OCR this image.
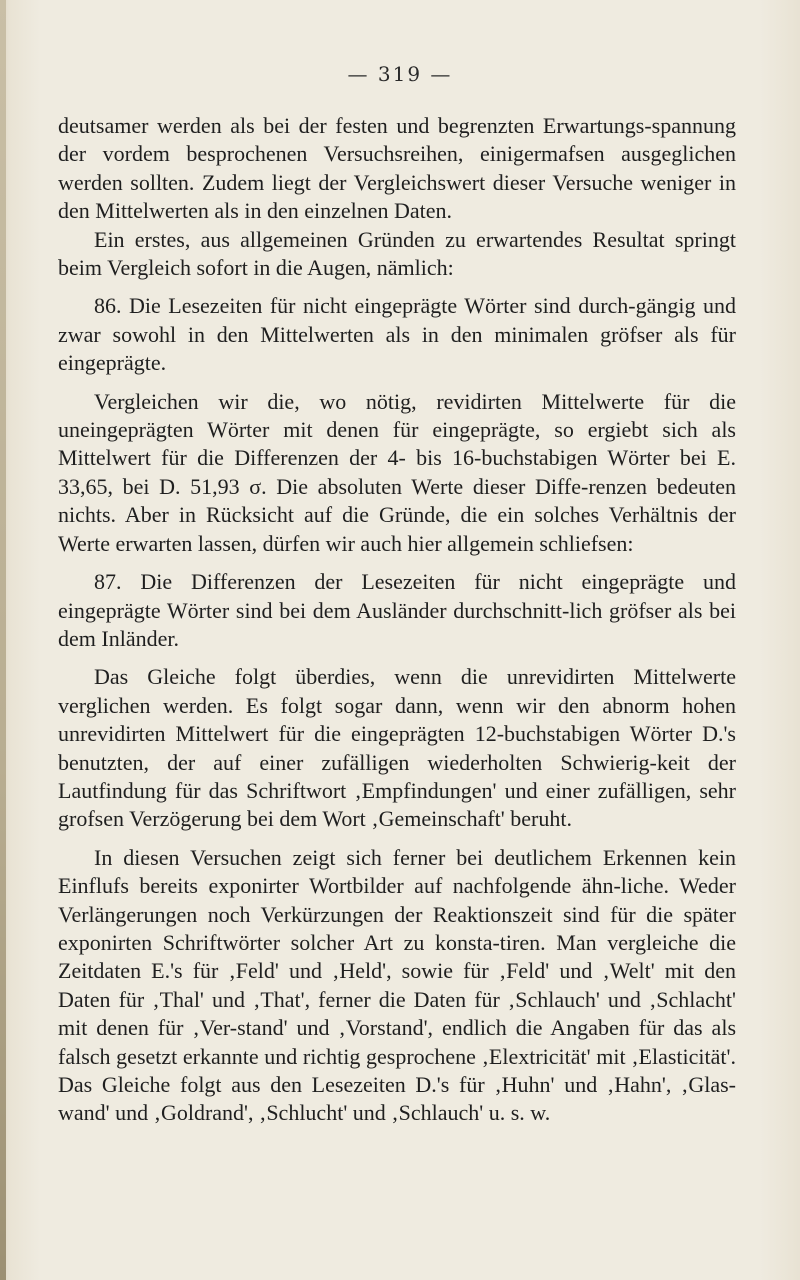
— 319 —

deutsamer werden als bei der festen und begrenzten Erwartungs-spannung der vordem besprochenen Versuchsreihen, einigermafsen ausgeglichen werden sollten. Zudem liegt der Vergleichswert dieser Versuche weniger in den Mittelwerten als in den einzelnen Daten.

Ein erstes, aus allgemeinen Gründen zu erwartendes Resultat springt beim Vergleich sofort in die Augen, nämlich:

86. Die Lesezeiten für nicht eingeprägte Wörter sind durch-gängig und zwar sowohl in den Mittelwerten als in den minimalen gröfser als für eingeprägte.

Vergleichen wir die, wo nötig, revidirten Mittelwerte für die uneingeprägten Wörter mit denen für eingeprägte, so ergiebt sich als Mittelwert für die Differenzen der 4- bis 16-buchstabigen Wörter bei E. 33,65, bei D. 51,93 σ. Die absoluten Werte dieser Diffe-renzen bedeuten nichts. Aber in Rücksicht auf die Gründe, die ein solches Verhältnis der Werte erwarten lassen, dürfen wir auch hier allgemein schliefsen:

87. Die Differenzen der Lesezeiten für nicht eingeprägte und eingeprägte Wörter sind bei dem Ausländer durchschnitt-lich gröfser als bei dem Inländer.

Das Gleiche folgt überdies, wenn die unrevidirten Mittelwerte verglichen werden. Es folgt sogar dann, wenn wir den abnorm hohen unrevidirten Mittelwert für die eingeprägten 12-buchstabigen Wörter D.'s benutzten, der auf einer zufälligen wiederholten Schwierig-keit der Lautfindung für das Schriftwort ‚Empfindungen' und einer zufälligen, sehr grofsen Verzögerung bei dem Wort ‚Gemeinschaft' beruht.

In diesen Versuchen zeigt sich ferner bei deutlichem Erkennen kein Einflufs bereits exponirter Wortbilder auf nachfolgende ähn-liche. Weder Verlängerungen noch Verkürzungen der Reaktionszeit sind für die später exponirten Schriftwörter solcher Art zu konsta-tiren. Man vergleiche die Zeitdaten E.'s für ‚Feld' und ‚Held', sowie für ‚Feld' und ‚Welt' mit den Daten für ‚Thal' und ‚That', ferner die Daten für ‚Schlauch' und ‚Schlacht' mit denen für ‚Ver-stand' und ‚Vorstand', endlich die Angaben für das als falsch gesetzt erkannte und richtig gesprochene ‚Elextricität' mit ‚Elasticität'. Das Gleiche folgt aus den Lesezeiten D.'s für ‚Huhn' und ‚Hahn', ‚Glas-wand' und ‚Goldrand', ‚Schlucht' und ‚Schlauch' u. s. w.
